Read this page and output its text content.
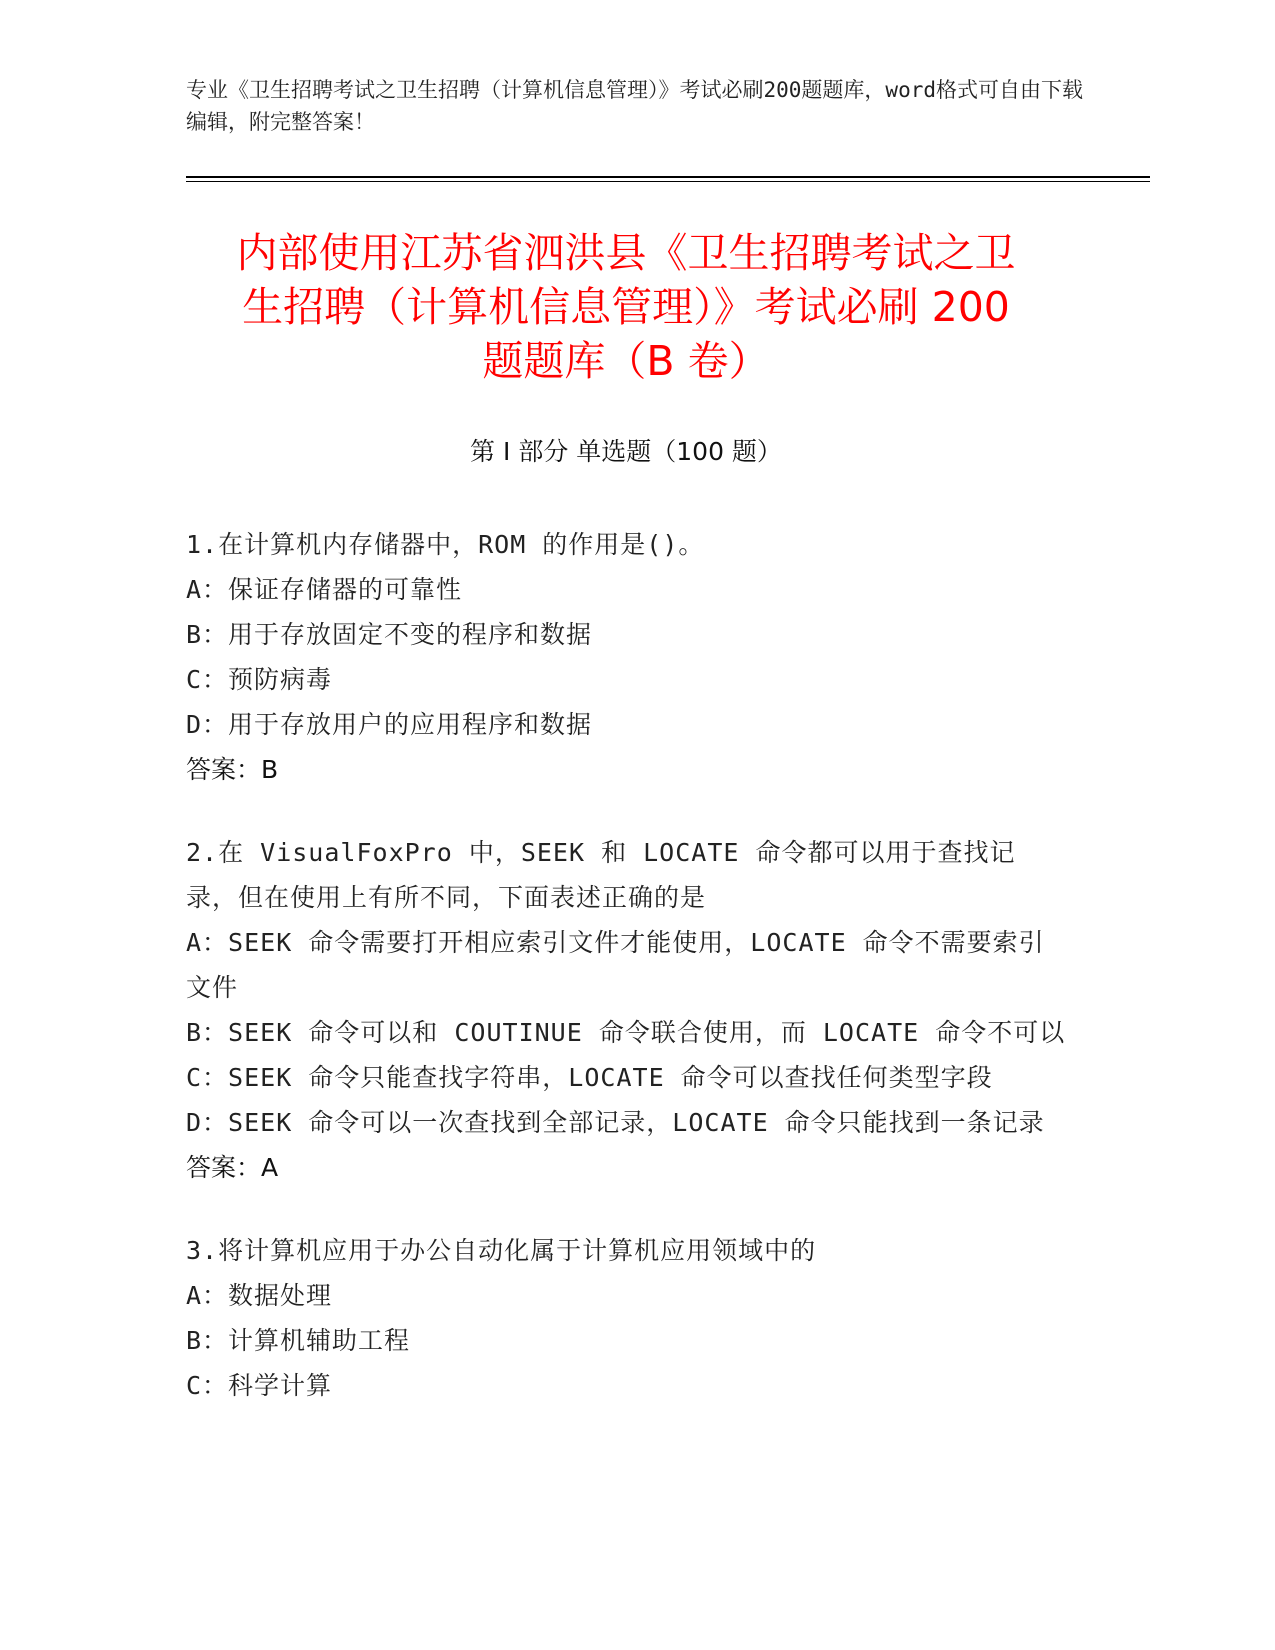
专业《卫生招聘考试之卫生招聘（计算机信息管理）》考试必刷200题题库，word格式可自由下载编辑，附完整答案！
内部使用江苏省泗洪县《卫生招聘考试之卫
生招聘（计算机信息管理）》考试必刷 200
题题库（B 卷）
第 I 部分 单选题（100 题）
1.在计算机内存储器中，ROM 的作用是()。
A：保证存储器的可靠性
B：用于存放固定不变的程序和数据
C：预防病毒
D：用于存放用户的应用程序和数据
答案：B
2.在 VisualFoxPro 中，SEEK 和 LOCATE 命令都可以用于查找记录，但在使用上有所不同，下面表述正确的是
A：SEEK 命令需要打开相应索引文件才能使用，LOCATE 命令不需要索引文件
B：SEEK 命令可以和 COUTINUE 命令联合使用，而 LOCATE 命令不可以
C：SEEK 命令只能查找字符串，LOCATE 命令可以查找任何类型字段
D：SEEK 命令可以一次查找到全部记录，LOCATE 命令只能找到一条记录
答案：A
3.将计算机应用于办公自动化属于计算机应用领域中的
A：数据处理
B：计算机辅助工程
C：科学计算
